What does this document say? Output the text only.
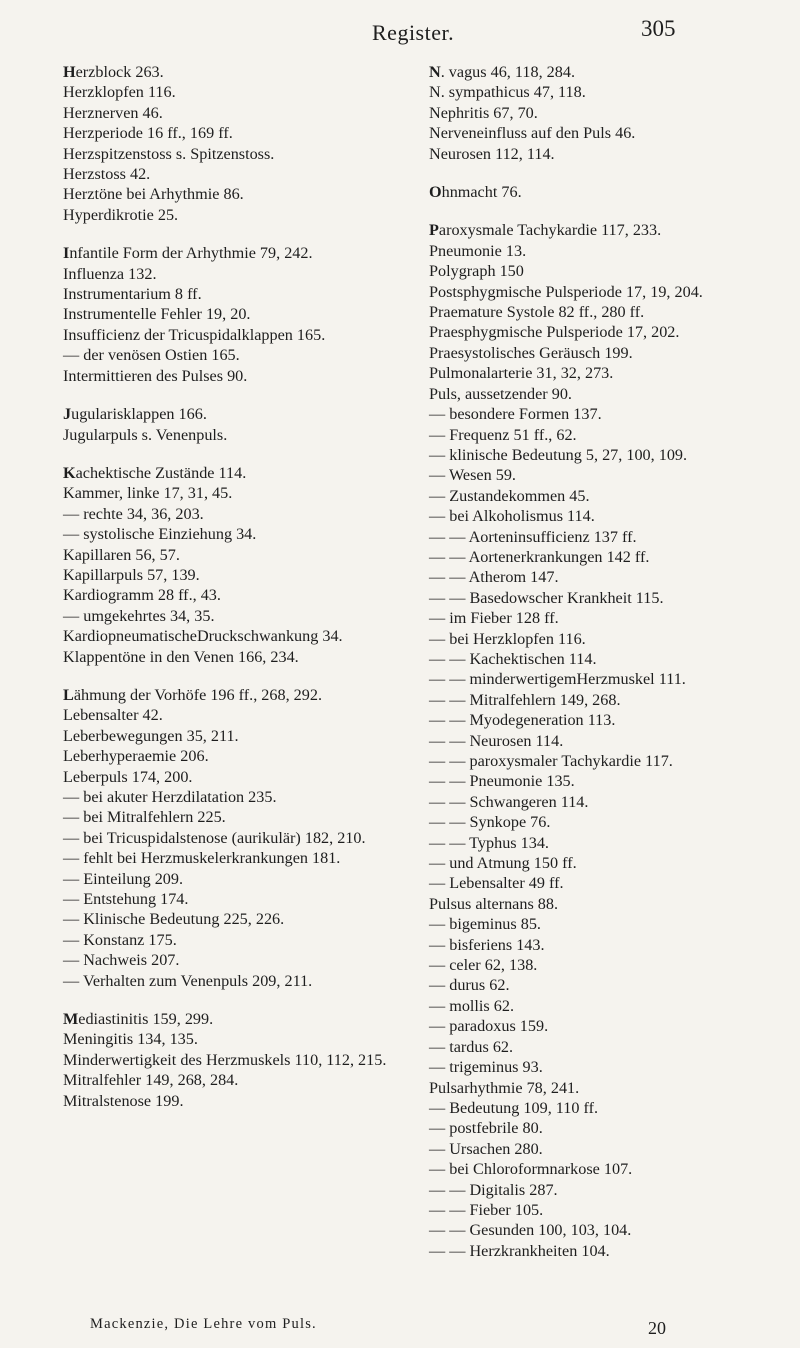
Register.	305
Herzblock 263.
Herzklopfen 116.
Herznerven 46.
Herzperiode 16 ff., 169 ff.
Herzspitzenstoss s. Spitzenstoss.
Herzstoss 42.
Herztöne bei Arhythmie 86.
Hyperdikrotie 25.
Infantile Form der Arhythmie 79, 242.
Influenza 132.
Instrumentarium 8 ff.
Instrumentelle Fehler 19, 20.
Insufficienz der Tricuspidalklappen 165.
— der venösen Ostien 165.
Intermittieren des Pulses 90.
Jugularisklappen 166.
Jugularpuls s. Venenpuls.
Kachektische Zustände 114.
Kammer, linke 17, 31, 45.
— rechte 34, 36, 203.
— systolische Einziehung 34.
Kapillaren 56, 57.
Kapillarpuls 57, 139.
Kardiogramm 28 ff., 43.
— umgekehrtes 34, 35.
KardiopneumatischeDruckschwankung 34.
Klappentöne in den Venen 166, 234.
Lähmung der Vorhöfe 196 ff., 268, 292.
Lebensalter 42.
Leberbewegungen 35, 211.
Leberhyperaemie 206.
Leberpuls 174, 200.
— bei akuter Herzdilatation 235.
— bei Mitralfehlern 225.
— bei Tricuspidalstenose (aurikulär) 182, 210.
— fehlt bei Herzmuskelerkrankungen 181.
— Einteilung 209.
— Entstehung 174.
— Klinische Bedeutung 225, 226.
— Konstanz 175.
— Nachweis 207.
— Verhalten zum Venenpuls 209, 211.
Mediastinitis 159, 299.
Meningitis 134, 135.
Minderwertigkeit des Herzmuskels 110, 112, 215.
Mitralfehler 149, 268, 284.
Mitralstenose 199.
N. vagus 46, 118, 284.
N. sympathicus 47, 118.
Nephritis 67, 70.
Nerveneinfluss auf den Puls 46.
Neurosen 112, 114.
Ohnmacht 76.
Paroxysmale Tachykardie 117, 233.
Pneumonie 13.
Polygraph 150
Postsphygmische Pulsperiode 17, 19, 204.
Praemature Systole 82 ff., 280 ff.
Praesphygmische Pulsperiode 17, 202.
Praesystolisches Geräusch 199.
Pulmonalarterie 31, 32, 273.
Puls, aussetzender 90.
— besondere Formen 137.
— Frequenz 51 ff., 62.
— klinische Bedeutung 5, 27, 100, 109.
— Wesen 59.
— Zustandekommen 45.
— bei Alkoholismus 114.
— — Aorteninsufficienz 137 ff.
— — Aortenerkrankungen 142 ff.
— — Atherom 147.
— — Basedowscher Krankheit 115.
— im Fieber 128 ff.
— bei Herzklopfen 116.
— — Kachektischen 114.
— — minderwertigemHerzmuskel 111.
— — Mitralfehlern 149, 268.
— — Myodegeneration 113.
— — Neurosen 114.
— — paroxysmaler Tachykardie 117.
— — Pneumonie 135.
— — Schwangeren 114.
— — Synkope 76.
— — Typhus 134.
— und Atmung 150 ff.
— Lebensalter 49 ff.
Pulsus alternans 88.
— bigeminus 85.
— bisferiens 143.
— celer 62, 138.
— durus 62.
— mollis 62.
— paradoxus 159.
— tardus 62.
— trigeminus 93.
Pulsarhythmie 78, 241.
— Bedeutung 109, 110 ff.
— postfebrile 80.
— Ursachen 280.
— bei Chloroformnarkose 107.
— — Digitalis 287.
— — Fieber 105.
— — Gesunden 100, 103, 104.
— — Herzkrankheiten 104.
Mackenzie, Die Lehre vom Puls.	20
